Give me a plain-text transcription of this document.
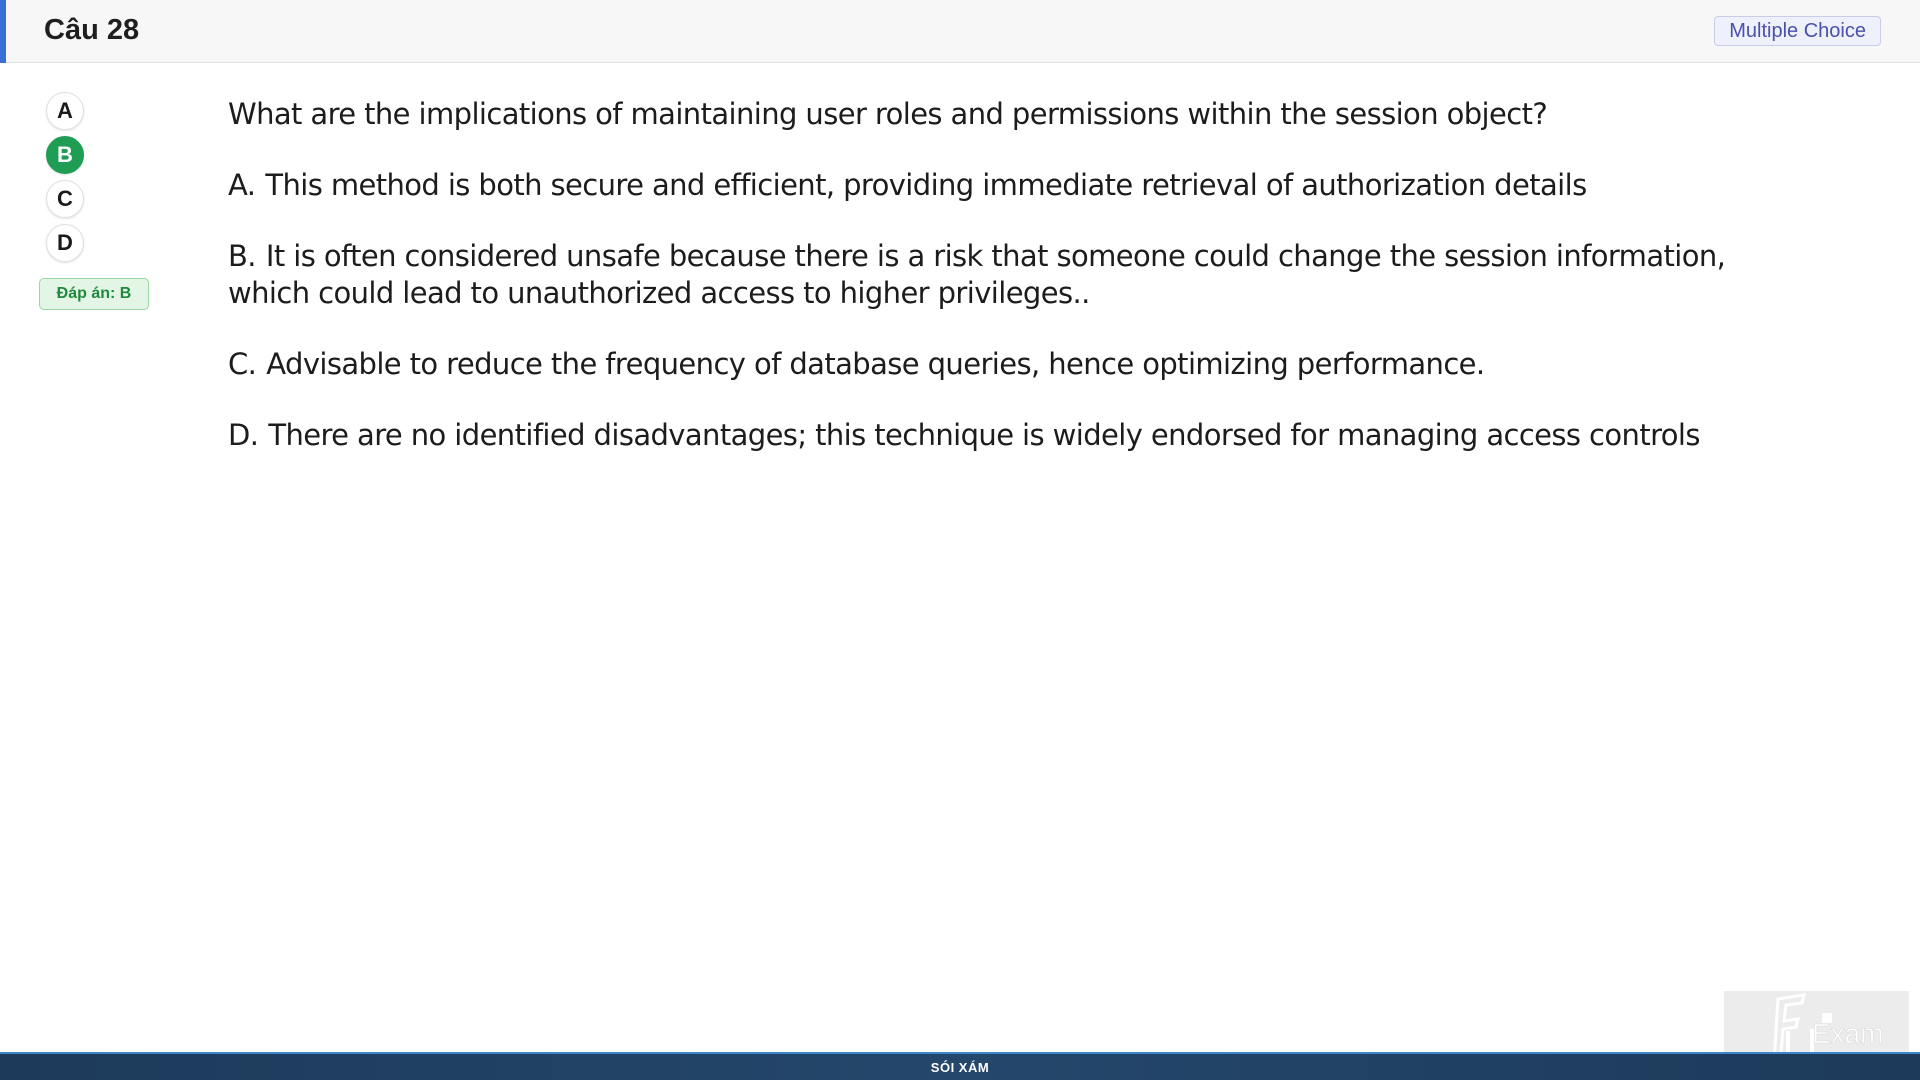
Câu 28	Multiple Choice
A
B
C
D
Đáp án: B
What are the implications of maintaining user roles and permissions within the session object?
A. This method is both secure and efficient, providing immediate retrieval of authorization details
B. It is often considered unsafe because there is a risk that someone could change the session information, which could lead to unauthorized access to higher privileges..
C. Advisable to reduce the frequency of database queries, hence optimizing performance.
D. There are no identified disadvantages; this technique is widely endorsed for managing access controls
Exam
SÓI XÁM
